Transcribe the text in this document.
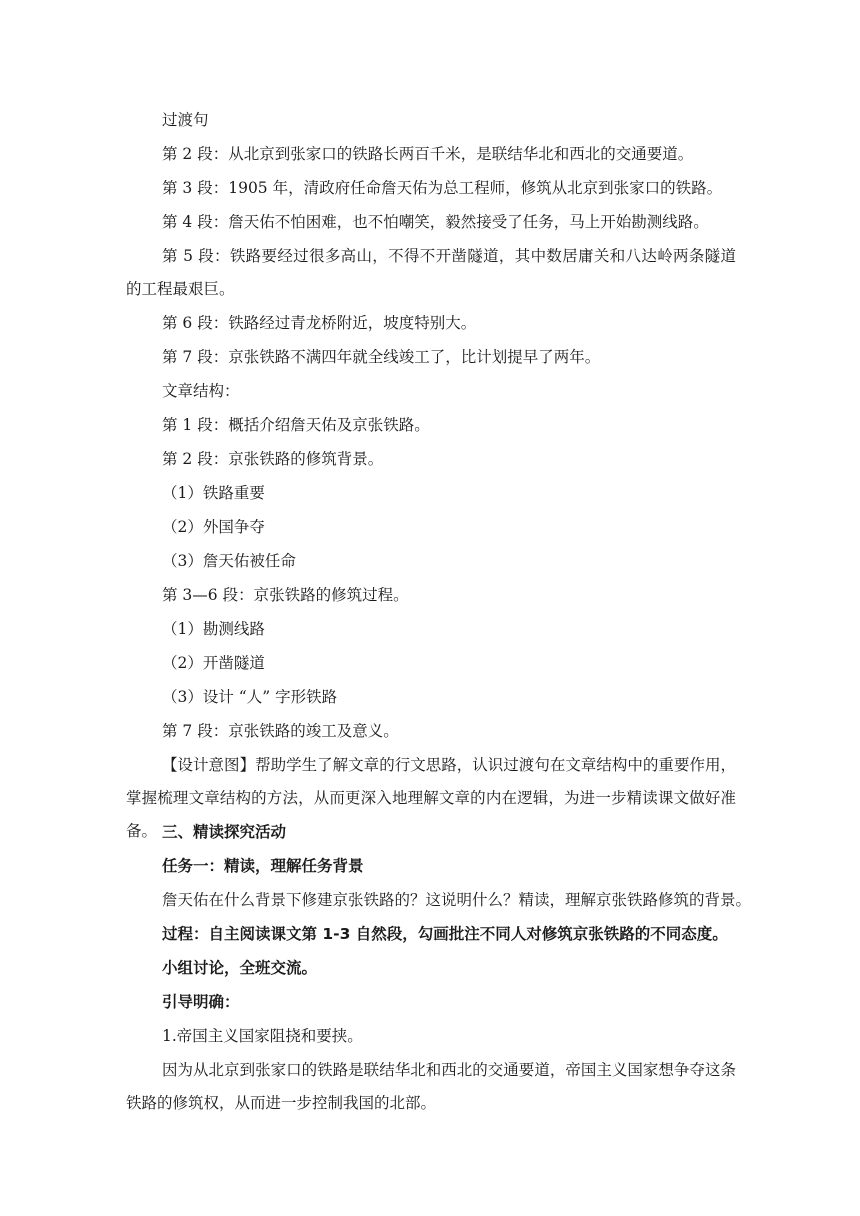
过渡句

第 2 段：从北京到张家口的铁路长两百千米，是联结华北和西北的交通要道。

第 3 段：1905 年，清政府任命詹天佑为总工程师，修筑从北京到张家口的铁路。

第 4 段：詹天佑不怕困难，也不怕嘲笑，毅然接受了任务，马上开始勘测线路。

第 5 段：铁路要经过很多高山，不得不开凿隧道，其中数居庸关和八达岭两条隧道的工程最艰巨。

第 6 段：铁路经过青龙桥附近，坡度特别大。

第 7 段：京张铁路不满四年就全线竣工了，比计划提早了两年。

文章结构：

第 1 段：概括介绍詹天佑及京张铁路。

第 2 段：京张铁路的修筑背景。

（1）铁路重要

（2）外国争夺

（3）詹天佑被任命

第 3—6 段：京张铁路的修筑过程。

（1）勘测线路

（2）开凿隧道

（3）设计 “人” 字形铁路

第 7 段：京张铁路的竣工及意义。

【设计意图】帮助学生了解文章的行文思路，认识过渡句在文章结构中的重要作用，掌握梳理文章结构的方法，从而更深入地理解文章的内在逻辑，为进一步精读课文做好准备。 三、精读探究活动

任务一：精读，理解任务背景

詹天佑在什么背景下修建京张铁路的？这说明什么？精读，理解京张铁路修筑的背景。

过程：自主阅读课文第 1-3 自然段，勾画批注不同人对修筑京张铁路的不同态度。

小组讨论，全班交流。

引导明确：

1.帝国主义国家阻挠和要挟。

因为从北京到张家口的铁路是联结华北和西北的交通要道，帝国主义国家想争夺这条铁路的修筑权，从而进一步控制我国的北部。
